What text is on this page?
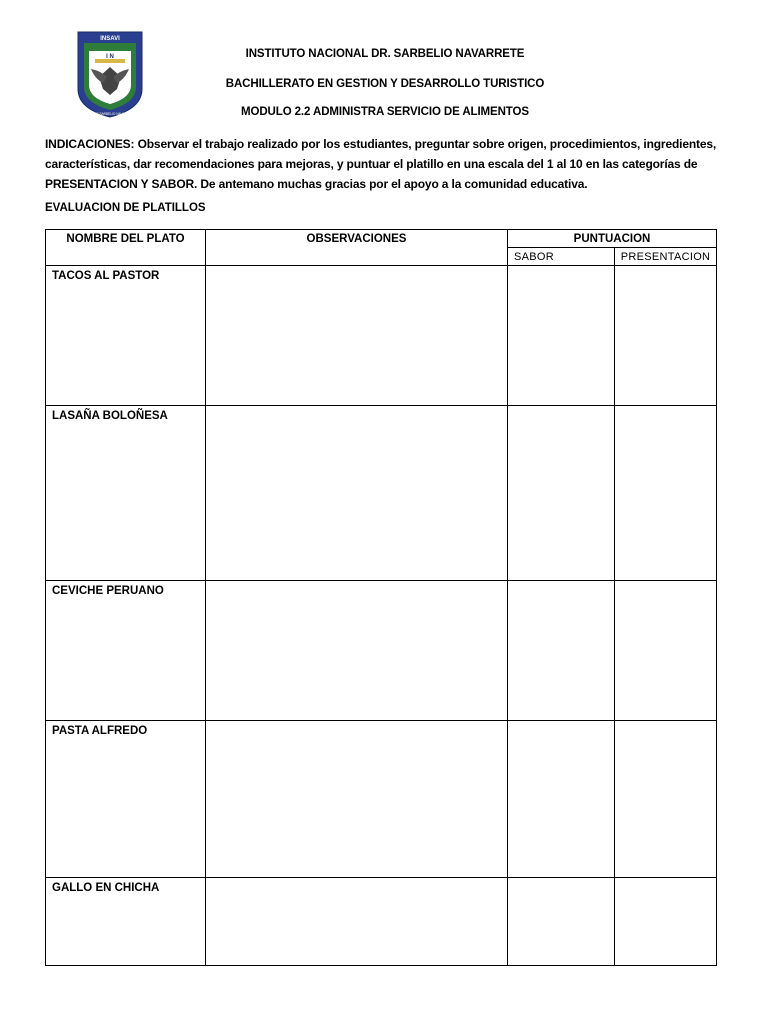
INSAVI
I N
DOCTOR SARBELIO NAVARRETE
INSTITUTO NACIONAL DR. SARBELIO NAVARRETE
BACHILLERATO EN GESTION Y DESARROLLO TURISTICO
MODULO 2.2 ADMINISTRA SERVICIO DE ALIMENTOS
INDICACIONES: Observar el trabajo realizado por los estudiantes, preguntar sobre origen, procedimientos, ingredientes, características, dar recomendaciones para mejoras, y puntuar el platillo en una escala del 1 al 10 en las categorías de PRESENTACION Y SABOR. De antemano muchas gracias por el apoyo a la comunidad educativa.
EVALUACION DE PLATILLOS
NOMBRE DEL PLATO	OBSERVACIONES	PUNTUACION	
		SABOR	PRESENTACION
TACOS AL PASTOR			
LASAÑA BOLOÑESA			
CEVICHE PERUANO			
PASTA ALFREDO			
GALLO EN CHICHA			
